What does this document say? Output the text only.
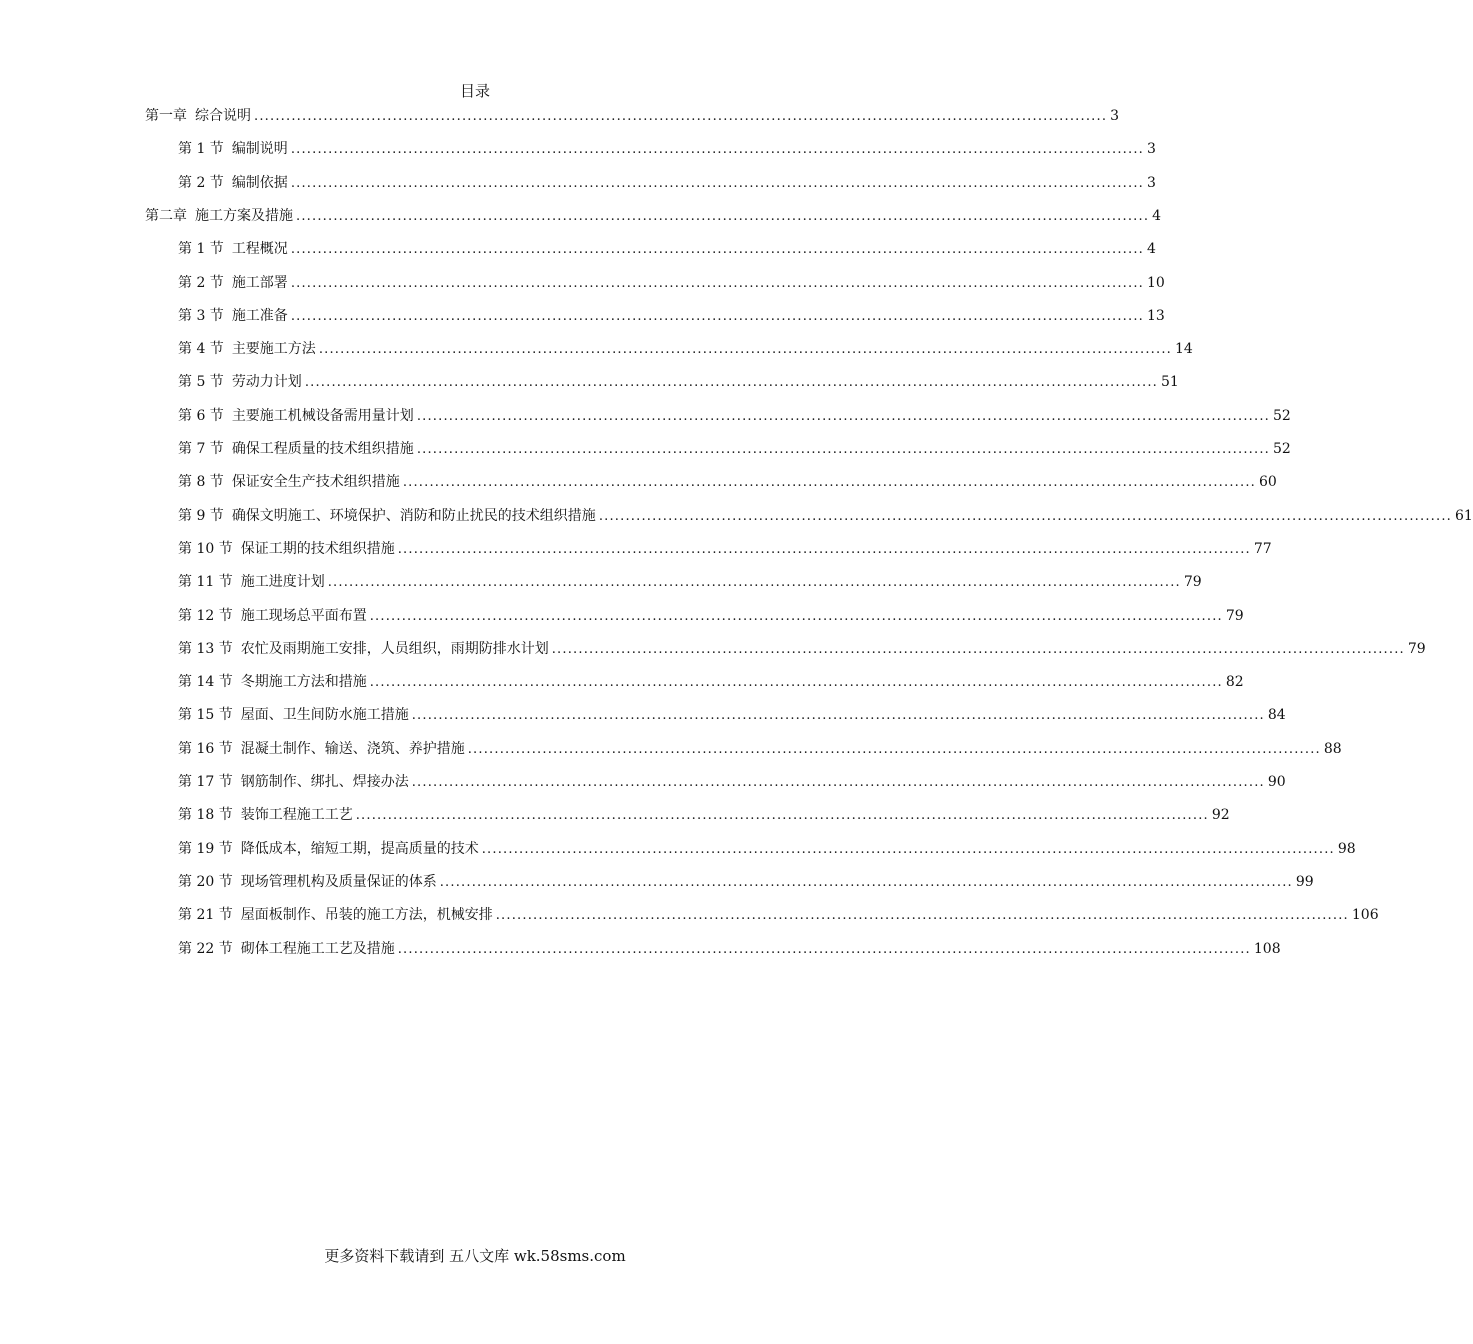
目录
第一章 综合说明 ................................................................................................................................................................ 3
第 1 节 编制说明 ................................................................................................................................................................ 3
第 2 节 编制依据 ................................................................................................................................................................ 3
第二章 施工方案及措施 ................................................................................................................................................................ 4
第 1 节 工程概况 ................................................................................................................................................................ 4
第 2 节 施工部署 ................................................................................................................................................................ 10
第 3 节 施工准备 ................................................................................................................................................................ 13
第 4 节 主要施工方法 ................................................................................................................................................................ 14
第 5 节 劳动力计划 ................................................................................................................................................................ 51
第 6 节 主要施工机械设备需用量计划 ................................................................................................................................................................ 52
第 7 节 确保工程质量的技术组织措施 ................................................................................................................................................................ 52
第 8 节 保证安全生产技术组织措施 ................................................................................................................................................................ 60
第 9 节 确保文明施工、环境保护、消防和防止扰民的技术组织措施 ................................................................................................................................................................ 61
第 10 节 保证工期的技术组织措施 ................................................................................................................................................................ 77
第 11 节 施工进度计划 ................................................................................................................................................................ 79
第 12 节 施工现场总平面布置 ................................................................................................................................................................ 79
第 13 节 农忙及雨期施工安排，人员组织，雨期防排水计划 ................................................................................................................................................................ 79
第 14 节 冬期施工方法和措施 ................................................................................................................................................................ 82
第 15 节 屋面、卫生间防水施工措施 ................................................................................................................................................................ 84
第 16 节 混凝土制作、输送、浇筑、养护措施 ................................................................................................................................................................ 88
第 17 节 钢筋制作、绑扎、焊接办法 ................................................................................................................................................................ 90
第 18 节 装饰工程施工工艺 ................................................................................................................................................................ 92
第 19 节 降低成本，缩短工期，提高质量的技术 ................................................................................................................................................................ 98
第 20 节 现场管理机构及质量保证的体系 ................................................................................................................................................................ 99
第 21 节 屋面板制作、吊装的施工方法，机械安排 ................................................................................................................................................................ 106
第 22 节 砌体工程施工工艺及措施 ................................................................................................................................................................ 108
更多资料下载请到 五八文库 wk.58sms.com
